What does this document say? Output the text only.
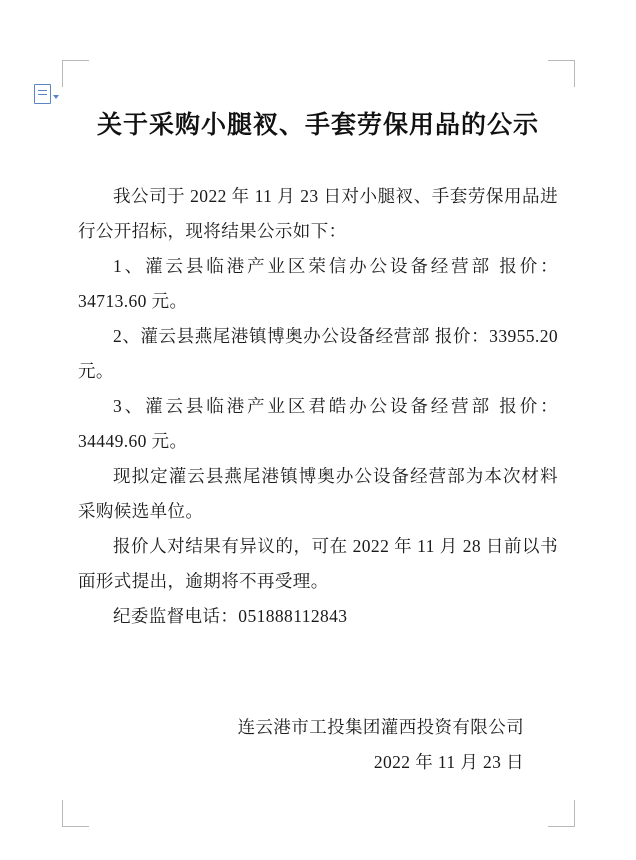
关于采购小腿衩、手套劳保用品的公示

我公司于 2022 年 11 月 23 日对小腿衩、手套劳保用品进行公开招标，现将结果公示如下：

1、灌云县临港产业区荣信办公设备经营部 报价：34713.60 元。

2、灌云县燕尾港镇博奥办公设备经营部 报价：33955.20 元。

3、灌云县临港产业区君皓办公设备经营部 报价：34449.60 元。

现拟定灌云县燕尾港镇博奥办公设备经营部为本次材料采购候选单位。

报价人对结果有异议的，可在 2022 年 11 月 28 日前以书面形式提出，逾期将不再受理。

纪委监督电话：051888112843

连云港市工投集团灌西投资有限公司
2022 年 11 月 23 日
